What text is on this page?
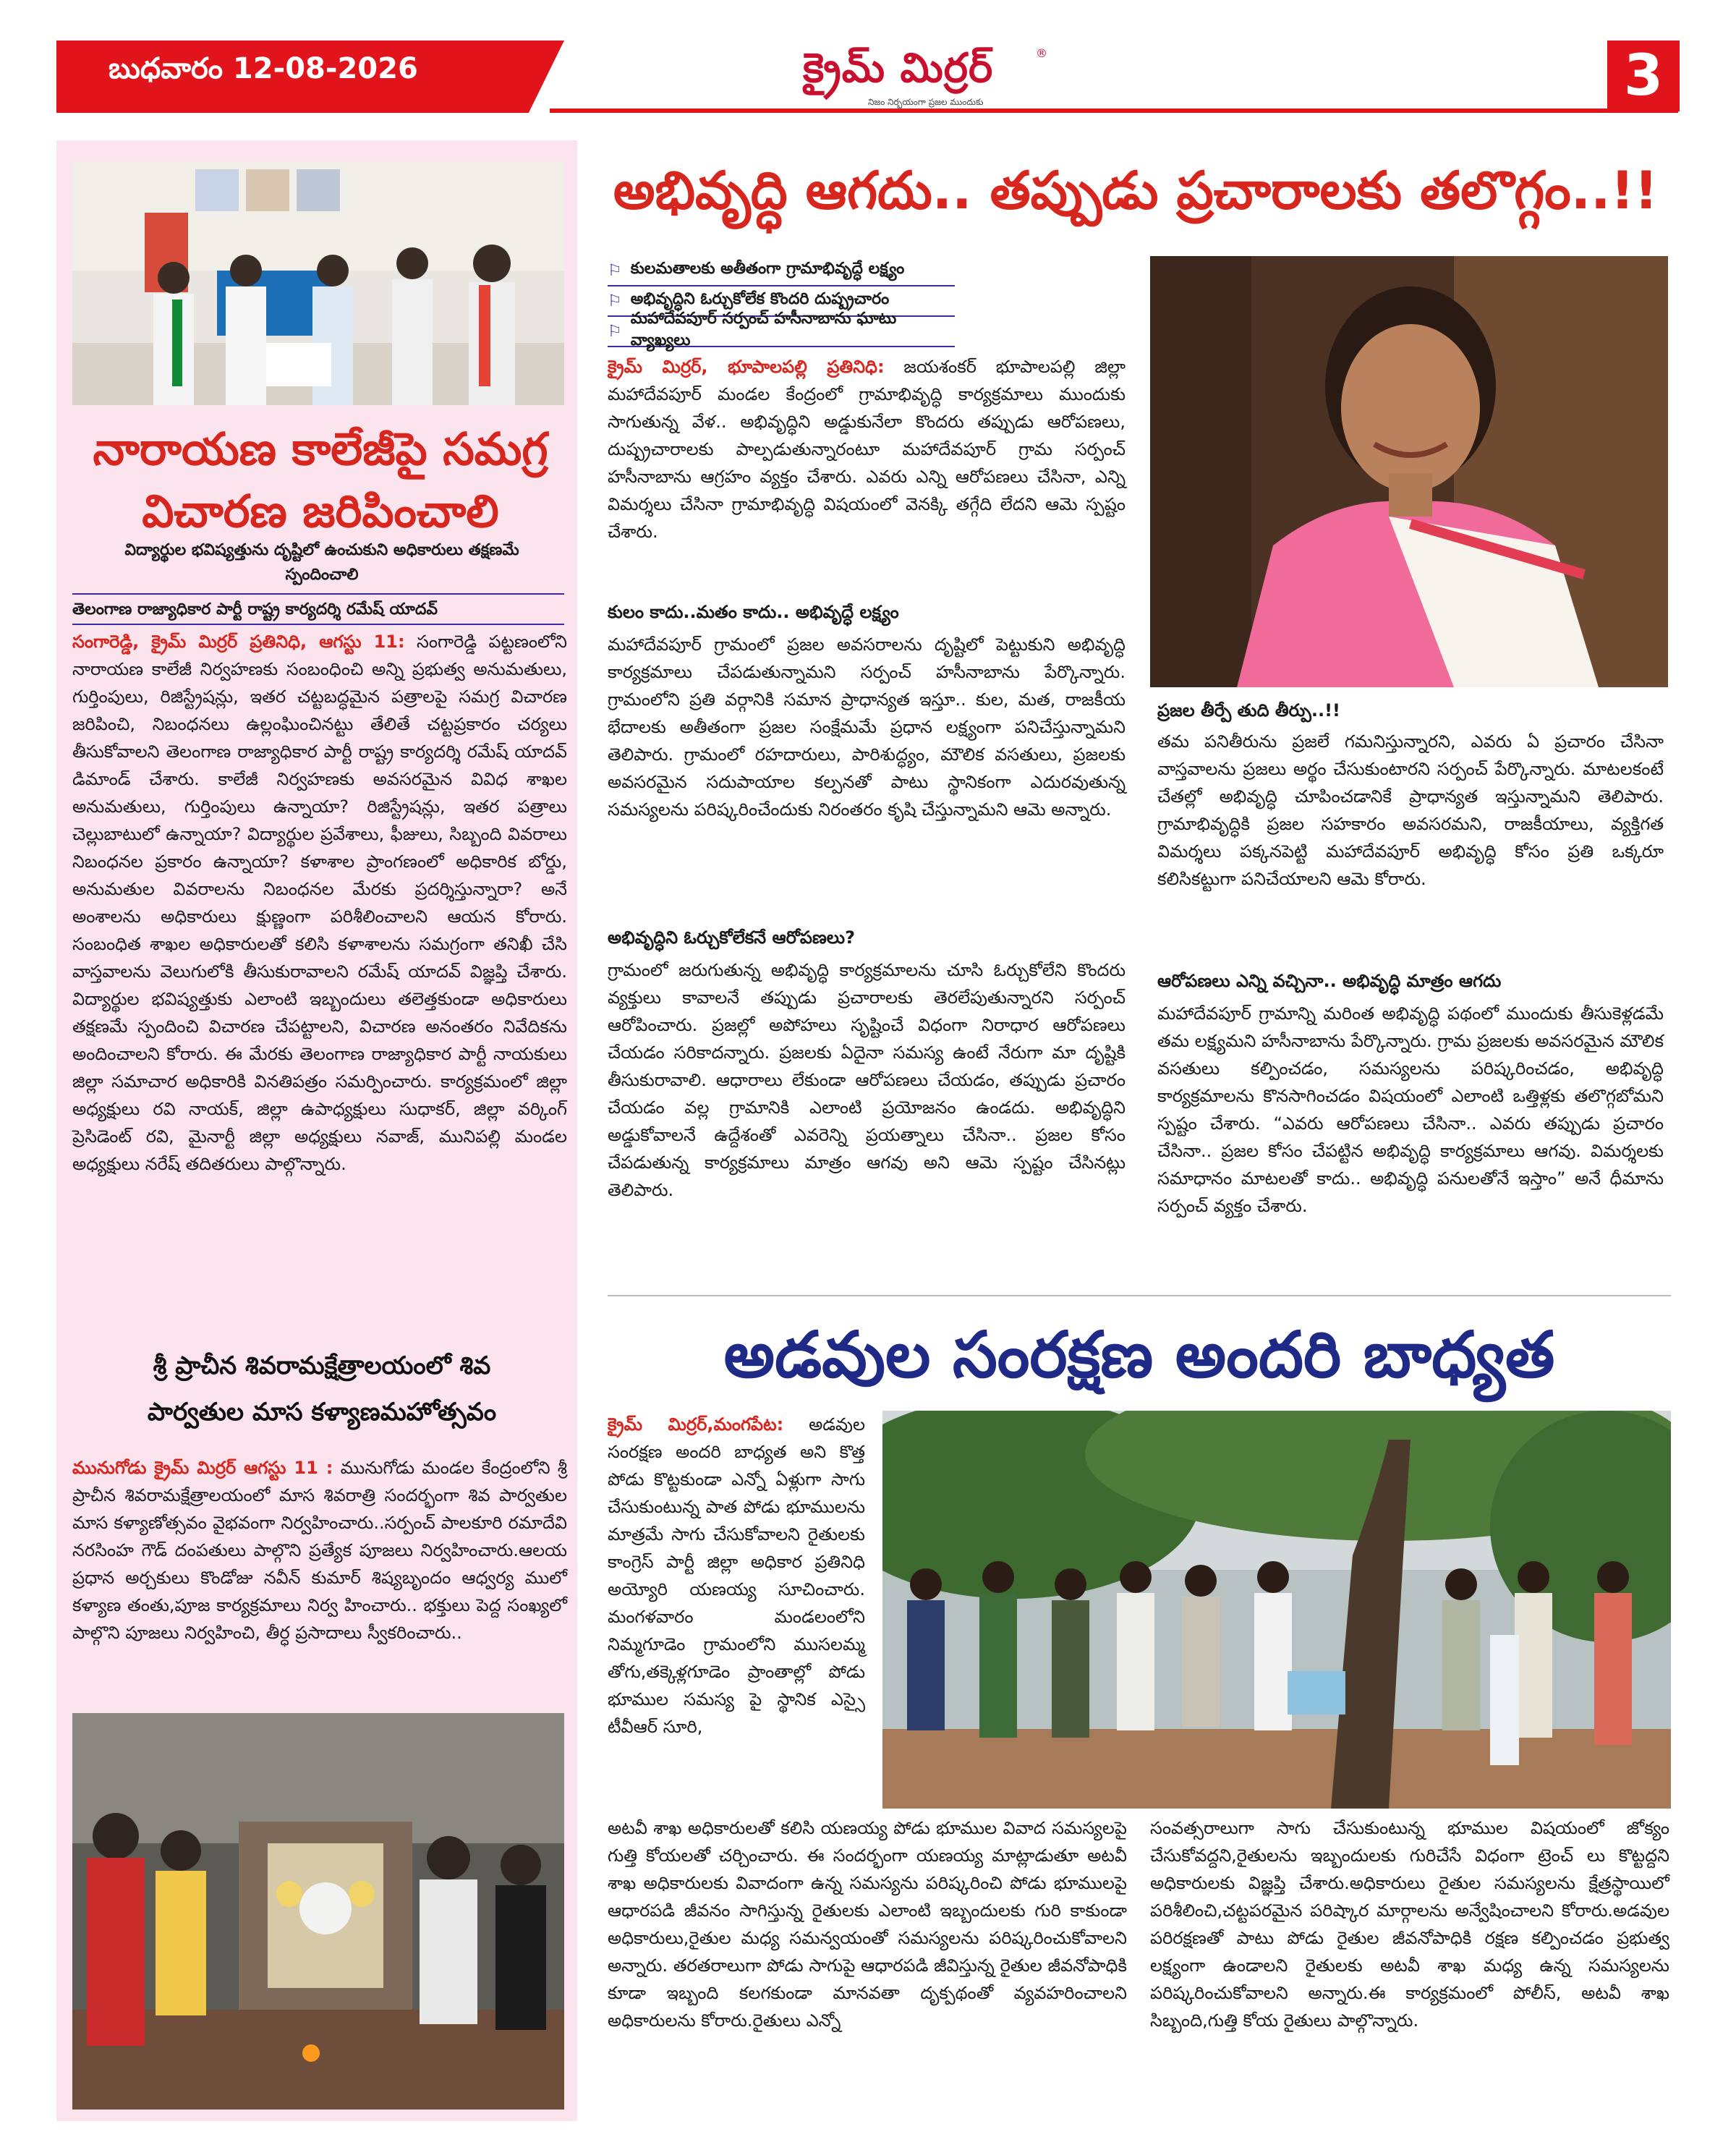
బుధవారం 12-08-2026	క్రైమ్ మిర్రర్	®
నిజం నిర్భయంగా ప్రజల ముందుకు	3
నారాయణ కాలేజీపై సమగ్ర
విచారణ జరిపించాలి
విద్యార్థుల భవిష్యత్తును దృష్టిలో ఉంచుకుని అధికారులు తక్షణమే
స్పందించాలి
తెలంగాణ రాజ్యాధికార పార్టీ రాష్ట్ర కార్యదర్శి రమేష్ యాదవ్

సంగారెడ్డి, క్రైమ్ మిర్రర్ ప్రతినిధి, ఆగస్టు 11: సంగారెడ్డి పట్టణంలోని నారాయణ కాలేజీ నిర్వహణకు సంబంధించి అన్ని ప్రభుత్వ అనుమతులు, గుర్తింపులు, రిజిస్ట్రేషన్లు, ఇతర చట్టబద్ధమైన పత్రాలపై సమగ్ర విచారణ జరిపించి, నిబంధనలు ఉల్లంఘించినట్టు తేలితే చట్టప్రకారం చర్యలు తీసుకోవాలని తెలంగాణ రాజ్యాధికార పార్టీ రాష్ట్ర కార్యదర్శి రమేష్ యాదవ్ డిమాండ్ చేశారు. కాలేజీ నిర్వహణకు అవసరమైన వివిధ శాఖల అనుమతులు, గుర్తింపులు ఉన్నాయా? రిజిస్ట్రేషన్లు, ఇతర పత్రాలు చెల్లుబాటులో ఉన్నాయా? విద్యార్థుల ప్రవేశాలు, ఫీజులు, సిబ్బంది వివరాలు నిబంధనల ప్రకారం ఉన్నాయా? కళాశాల ప్రాంగణంలో అధికారిక బోర్డు, అనుమతుల వివరాలను నిబంధనల మేరకు ప్రదర్శిస్తున్నారా? అనే అంశాలను అధికారులు క్షుణ్ణంగా పరిశీలించాలని ఆయన కోరారు. సంబంధిత శాఖల అధికారులతో కలిసి కళాశాలను సమగ్రంగా తనిఖీ చేసి వాస్తవాలను వెలుగులోకి తీసుకురావాలని రమేష్ యాదవ్ విజ్ఞప్తి చేశారు. విద్యార్థుల భవిష్యత్తుకు ఎలాంటి ఇబ్బందులు తలెత్తకుండా అధికారులు తక్షణమే స్పందించి విచారణ చేపట్టాలని, విచారణ అనంతరం నివేదికను అందించాలని కోరారు. ఈ మేరకు తెలంగాణ రాజ్యాధికార పార్టీ నాయకులు జిల్లా సమాచార అధికారికి వినతిపత్రం సమర్పించారు. కార్యక్రమంలో జిల్లా అధ్యక్షులు రవి నాయక్, జిల్లా ఉపాధ్యక్షులు సుధాకర్, జిల్లా వర్కింగ్ ప్రెసిడెంట్ రవి, మైనార్టీ జిల్లా అధ్యక్షులు నవాజ్, మునిపల్లి మండల అధ్యక్షులు నరేష్ తదితరులు పాల్గొన్నారు.

శ్రీ ప్రాచీన శివరామక్షేత్రాలయంలో శివ
పార్వతుల మాస కళ్యాణమహోత్సవం

మునుగోడు క్రైమ్ మిర్రర్ ఆగస్టు 11 : మునుగోడు మండల కేంద్రంలోని శ్రీ ప్రాచీన శివరామక్షేత్రాలయంలో మాస శివరాత్రి సందర్భంగా శివ పార్వతుల మాస కళ్యాణోత్సవం వైభవంగా నిర్వహించారు..సర్పంచ్ పాలకూరి రమాదేవి నరసింహ గౌడ్ దంపతులు పాల్గొని ప్రత్యేక పూజలు నిర్వహించారు.ఆలయ ప్రధాన అర్చకులు కొండోజు నవీన్ కుమార్ శిష్యబృందం ఆధ్వర్య ములో కళ్యాణ తంతు,పూజ కార్యక్రమాలు నిర్వ హించారు.. భక్తులు పెద్ద సంఖ్యలో పాల్గొని పూజలు నిర్వహించి, తీర్ధ ప్రసాదాలు స్వీకరించారు..

అభివృద్ధి ఆగదు.. తప్పుడు ప్రచారాలకు తలొగ్గం..!!
⚐ కులమతాలకు అతీతంగా గ్రామాభివృద్ధే లక్ష్యం
⚐ అభివృద్ధిని ఓర్చుకోలేక కొందరి దుష్ప్రచారం
⚐
మహాదేవపూర్ సర్పంచ్ హసీనాబాను ఘాటు వ్యాఖ్యలు

క్రైమ్ మిర్రర్, భూపాలపల్లి ప్రతినిధి: జయశంకర్ భూపాలపల్లి జిల్లా మహాదేవపూర్ మండల కేంద్రంలో గ్రామాభివృద్ధి కార్యక్రమాలు ముందుకు సాగుతున్న వేళ.. అభివృద్ధిని అడ్డుకునేలా కొందరు తప్పుడు ఆరోపణలు, దుష్ప్రచారాలకు పాల్పడుతున్నారంటూ మహాదేవపూర్ గ్రామ సర్పంచ్ హసీనాబాను ఆగ్రహం వ్యక్తం చేశారు. ఎవరు ఎన్ని ఆరోపణలు చేసినా, ఎన్ని విమర్శలు చేసినా గ్రామాభివృద్ధి విషయంలో వెనక్కి తగ్గేది లేదని ఆమె స్పష్టం చేశారు.

కులం కాదు..మతం కాదు.. అభివృద్ధే లక్ష్యం
మహాదేవపూర్ గ్రామంలో ప్రజల అవసరాలను దృష్టిలో పెట్టుకుని అభివృద్ధి కార్యక్రమాలు చేపడుతున్నామని సర్పంచ్ హసీనాబాను పేర్కొన్నారు. గ్రామంలోని ప్రతి వర్గానికి సమాన ప్రాధాన్యత ఇస్తూ.. కుల, మత, రాజకీయ భేదాలకు అతీతంగా ప్రజల సంక్షేమమే ప్రధాన లక్ష్యంగా పనిచేస్తున్నామని తెలిపారు. గ్రామంలో రహదారులు, పారిశుద్ధ్యం, మౌలిక వసతులు, ప్రజలకు అవసరమైన సదుపాయాల కల్పనతో పాటు స్థానికంగా ఎదురవుతున్న సమస్యలను పరిష్కరించేందుకు నిరంతరం కృషి చేస్తున్నామని ఆమె అన్నారు.
అభివృద్ధిని ఓర్చుకోలేకనే ఆరోపణలు?
గ్రామంలో జరుగుతున్న అభివృద్ధి కార్యక్రమాలను చూసి ఓర్చుకోలేని కొందరు వ్యక్తులు కావాలనే తప్పుడు ప్రచారాలకు తెరలేపుతున్నారని సర్పంచ్ ఆరోపించారు. ప్రజల్లో అపోహలు సృష్టించే విధంగా నిరాధార ఆరోపణలు చేయడం సరికాదన్నారు. ప్రజలకు ఏదైనా సమస్య ఉంటే నేరుగా మా దృష్టికి తీసుకురావాలి. ఆధారాలు లేకుండా ఆరోపణలు చేయడం, తప్పుడు ప్రచారం చేయడం వల్ల గ్రామానికి ఎలాంటి ప్రయోజనం ఉండదు. అభివృద్ధిని అడ్డుకోవాలనే ఉద్దేశంతో ఎవరెన్ని ప్రయత్నాలు చేసినా.. ప్రజల కోసం చేపడుతున్న కార్యక్రమాలు మాత్రం ఆగవు అని ఆమె స్పష్టం చేసినట్లు తెలిపారు.
ప్రజల తీర్పే తుది తీర్పు..!!
తమ పనితీరును ప్రజలే గమనిస్తున్నారని, ఎవరు ఏ ప్రచారం చేసినా వాస్తవాలను ప్రజలు అర్థం చేసుకుంటారని సర్పంచ్ పేర్కొన్నారు. మాటలకంటే చేతల్లో అభివృద్ధి చూపించడానికే ప్రాధాన్యత ఇస్తున్నామని తెలిపారు. గ్రామాభివృద్ధికి ప్రజల సహకారం అవసరమని, రాజకీయాలు, వ్యక్తిగత విమర్శలు పక్కనపెట్టి మహాదేవపూర్ అభివృద్ధి కోసం ప్రతి ఒక్కరూ కలిసికట్టుగా పనిచేయాలని ఆమె కోరారు.
ఆరోపణలు ఎన్ని వచ్చినా.. అభివృద్ధి మాత్రం ఆగదు
మహాదేవపూర్ గ్రామాన్ని మరింత అభివృద్ధి పథంలో ముందుకు తీసుకెళ్లడమే తమ లక్ష్యమని హసీనాబాను పేర్కొన్నారు. గ్రామ ప్రజలకు అవసరమైన మౌలిక వసతులు కల్పించడం, సమస్యలను పరిష్కరించడం, అభివృద్ధి కార్యక్రమాలను కొనసాగించడం విషయంలో ఎలాంటి ఒత్తిళ్లకు తలొగ్గబోమని స్పష్టం చేశారు. “ఎవరు ఆరోపణలు చేసినా.. ఎవరు తప్పుడు ప్రచారం చేసినా.. ప్రజల కోసం చేపట్టిన అభివృద్ధి కార్యక్రమాలు ఆగవు. విమర్శలకు సమాధానం మాటలతో కాదు.. అభివృద్ధి పనులతోనే ఇస్తాం” అనే ధీమాను సర్పంచ్ వ్యక్తం చేశారు.
అడవుల సంరక్షణ అందరి బాధ్యత

క్రైమ్ మిర్రర్,మంగపేట: అడవుల సంరక్షణ అందరి బాధ్యత అని కొత్త పోడు కొట్టకుండా ఎన్నో ఏళ్లుగా సాగు చేసుకుంటున్న పాత పోడు భూములను మాత్రమే సాగు చేసుకోవాలని రైతులకు కాంగ్రెస్ పార్టీ జిల్లా అధికార ప్రతినిధి అయ్యోరి యణయ్య సూచించారు. మంగళవారం మండలంలోని నిమ్మగూడెం గ్రామంలోని ముసలమ్మ తోగు,తక్కెళ్లగూడెం ప్రాంతాల్లో పోడు భూముల సమస్య పై స్థానిక ఎస్సై టీవీఆర్ సూరి,

అటవీ శాఖ అధికారులతో కలిసి యణయ్య పోడు భూముల వివాద సమస్యలపై గుత్తి కోయలతో చర్చించారు. ఈ సందర్భంగా యణయ్య మాట్లాడుతూ అటవీ శాఖ అధికారులకు వివాదంగా ఉన్న సమస్యను పరిష్కరించి పోడు భూములపై ఆధారపడి జీవనం సాగిస్తున్న రైతులకు ఎలాంటి ఇబ్బందులకు గురి కాకుండా అధికారులు,రైతుల మధ్య సమన్వయంతో సమస్యలను పరిష్కరించుకోవాలని అన్నారు. తరతరాలుగా పోడు సాగుపై ఆధారపడి జీవిస్తున్న రైతుల జీవనోపాధికి కూడా ఇబ్బంది కలగకుండా మానవతా దృక్పథంతో వ్యవహరించాలని అధికారులను కోరారు.రైతులు ఎన్నో
సంవత్సరాలుగా సాగు చేసుకుంటున్న భూముల విషయంలో జోక్యం చేసుకోవద్దని,రైతులను ఇబ్బందులకు గురిచేసే విధంగా ట్రెంచ్ లు కొట్టద్దని అధికారులకు విజ్ఞప్తి చేశారు.అధికారులు రైతుల సమస్యలను క్షేత్రస్థాయిలో పరిశీలించి,చట్టపరమైన పరిష్కార మార్గాలను అన్వేషించాలని కోరారు.అడవుల పరిరక్షణతో పాటు పోడు రైతుల జీవనోపాధికి రక్షణ కల్పించడం ప్రభుత్వ లక్ష్యంగా ఉండాలని రైతులకు అటవీ శాఖ మధ్య ఉన్న సమస్యలను పరిష్కరించుకోవాలని అన్నారు.ఈ కార్యక్రమంలో పోలీస్, అటవీ శాఖ సిబ్బంది,గుత్తి కోయ రైతులు పాల్గొన్నారు.
